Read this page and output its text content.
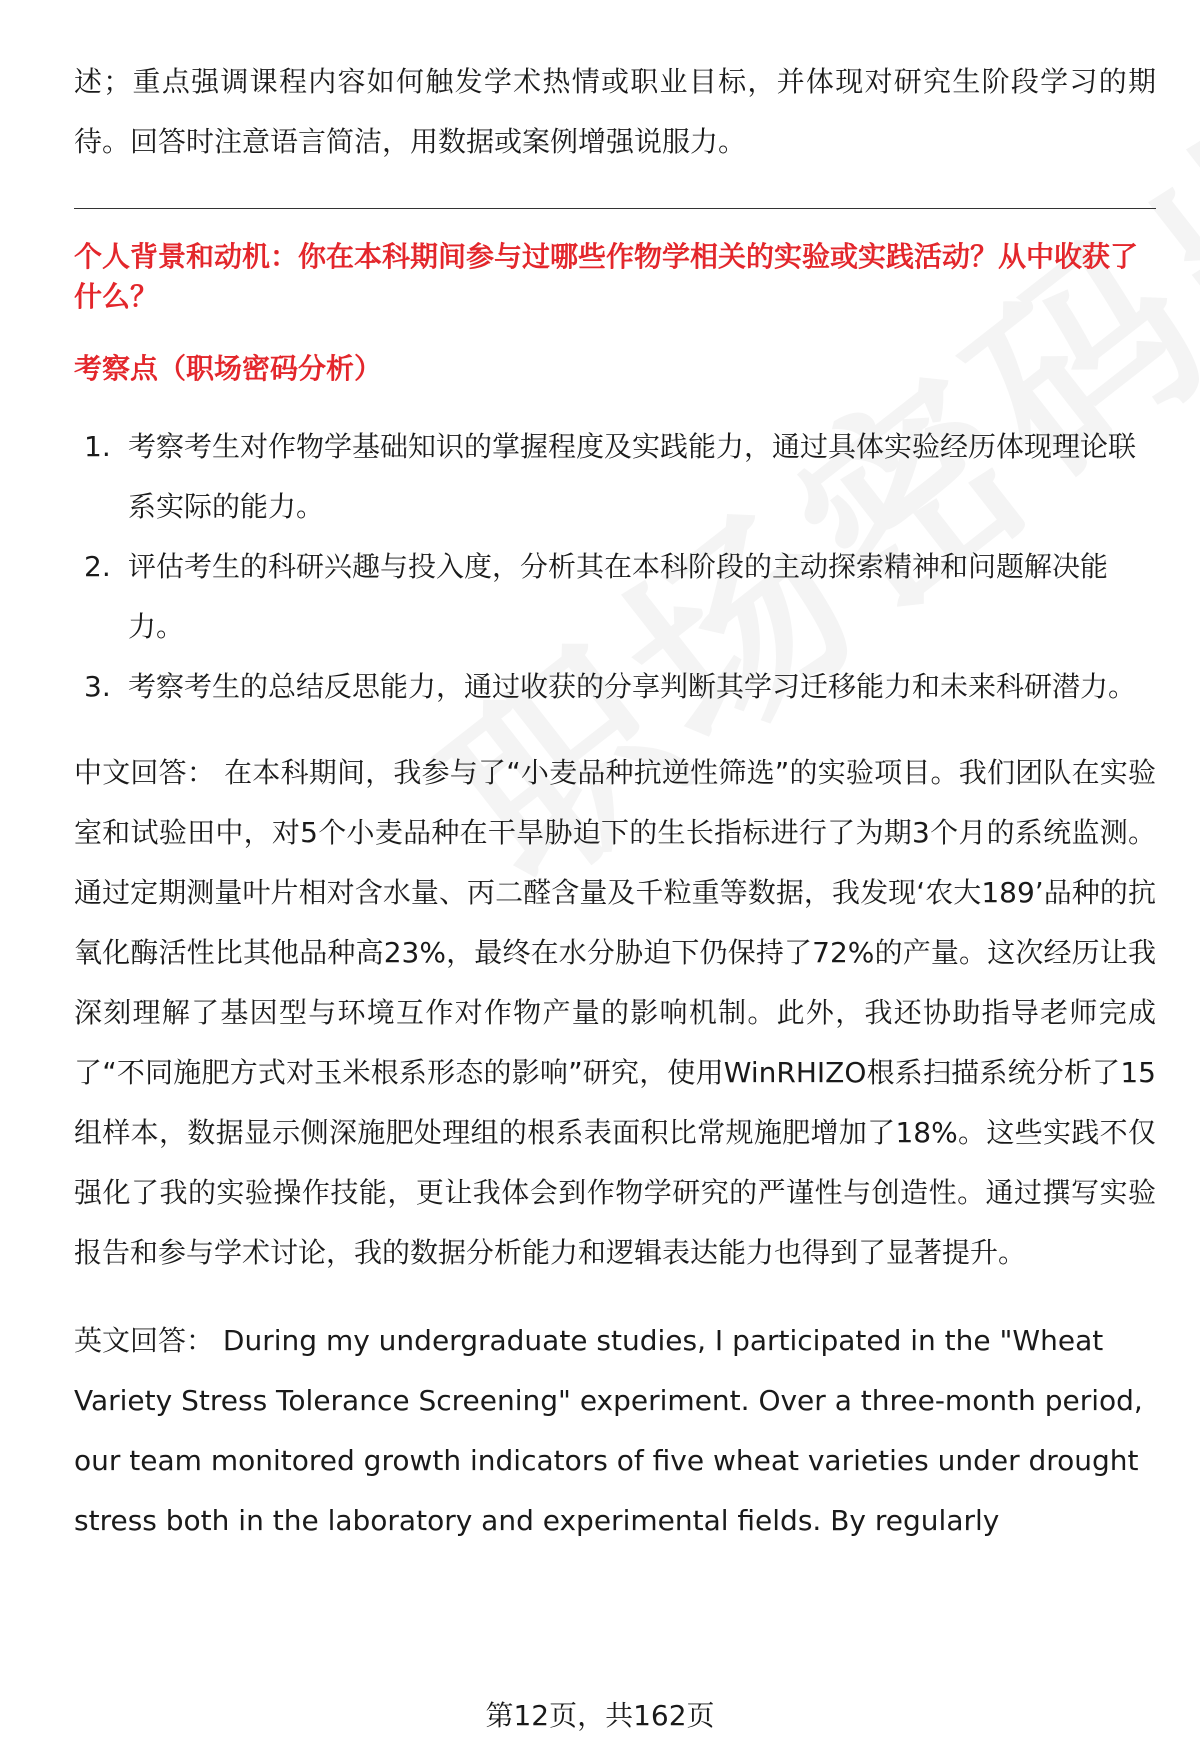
述；重点强调课程内容如何触发学术热情或职业目标，并体现对研究生阶段学习的期待。回答时注意语言简洁，用数据或案例增强说服力。

个人背景和动机：你在本科期间参与过哪些作物学相关的实验或实践活动？从中收获了什么？

考察点（职场密码分析）

1. 考察考生对作物学基础知识的掌握程度及实践能力，通过具体实验经历体现理论联系实际的能力。
2. 评估考生的科研兴趣与投入度，分析其在本科阶段的主动探索精神和问题解决能力。
3. 考察考生的总结反思能力，通过收获的分享判断其学习迁移能力和未来科研潜力。

中文回答： 在本科期间，我参与了“小麦品种抗逆性筛选”的实验项目。我们团队在实验室和试验田中，对5个小麦品种在干旱胁迫下的生长指标进行了为期3个月的系统监测。通过定期测量叶片相对含水量、丙二醛含量及千粒重等数据，我发现‘农大189’品种的抗氧化酶活性比其他品种高23%，最终在水分胁迫下仍保持了72%的产量。这次经历让我深刻理解了基因型与环境互作对作物产量的影响机制。此外，我还协助指导老师完成了“不同施肥方式对玉米根系形态的影响”研究，使用WinRHIZO根系扫描系统分析了15组样本，数据显示侧深施肥处理组的根系表面积比常规施肥增加了18%。这些实践不仅强化了我的实验操作技能，更让我体会到作物学研究的严谨性与创造性。通过撰写实验报告和参与学术讨论，我的数据分析能力和逻辑表达能力也得到了显著提升。

英文回答： During my undergraduate studies, I participated in the "Wheat Variety Stress Tolerance Screening" experiment. Over a three-month period, our team monitored growth indicators of five wheat varieties under drought stress both in the laboratory and experimental fields. By regularly

第12页，共162页
